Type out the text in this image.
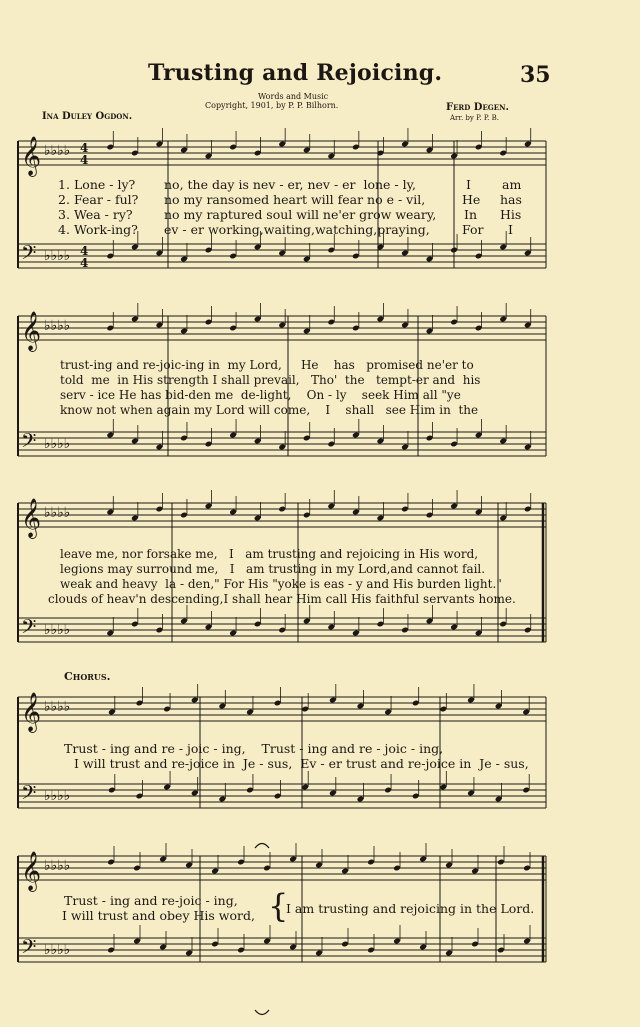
Trusting and Rejoicing.	35
Words and Music
Copyright, 1901, by P. P. Bilhorn.
Ina Duley Ogdon.
Ferd Degen.
Arr. by P. P. B.
𝄞
𝄢
♭♭♭♭
♭♭♭♭
4
4
4
4
𝄞
𝄢
♭♭♭♭
♭♭♭♭
𝄞
𝄢
♭♭♭♭
♭♭♭♭
𝄞
𝄢
♭♭♭♭
♭♭♭♭
𝄞
𝄢
♭♭♭♭
♭♭♭♭
1. Lone - ly? no, the day is nev - er, nev - er  lone - ly,	I am
2. Fear - ful? no my ransomed heart will fear no e - vil,	He has
3. Wea - ry?	no my raptured soul will ne'er grow weary, In His
4. Work-ing? ev - er working,waiting,watching,praying,	For I
trust-ing and re-joic-ing in  my Lord,     He    has   promised ne'er to
told  me  in His strength I shall prevail,   Tho'  the   tempt-er and  his
serv - ice He has bid-den me  de-light,    On - ly    seek Him all "ye
know not when again my Lord will come,    I    shall   see Him in  the
leave me, nor forsake me,   I   am trusting and rejoicing in His word,
legions may surround me,   I   am trusting in my Lord,and cannot fail.
weak and heavy  la - den," For His "yoke is eas - y and His burden light."
clouds of heav'n descending,I shall hear Him call His faithful servants home.
Chorus.
Trust - ing and re - joic - ing,    Trust - ing and re - joic - ing,
I will trust and re-joice in  Je - sus,  Ev - er trust and re-joice in  Je - sus,
Trust - ing and re-joic - ing,
I will trust and obey His word, {
I am trusting and rejoicing in the Lord.
